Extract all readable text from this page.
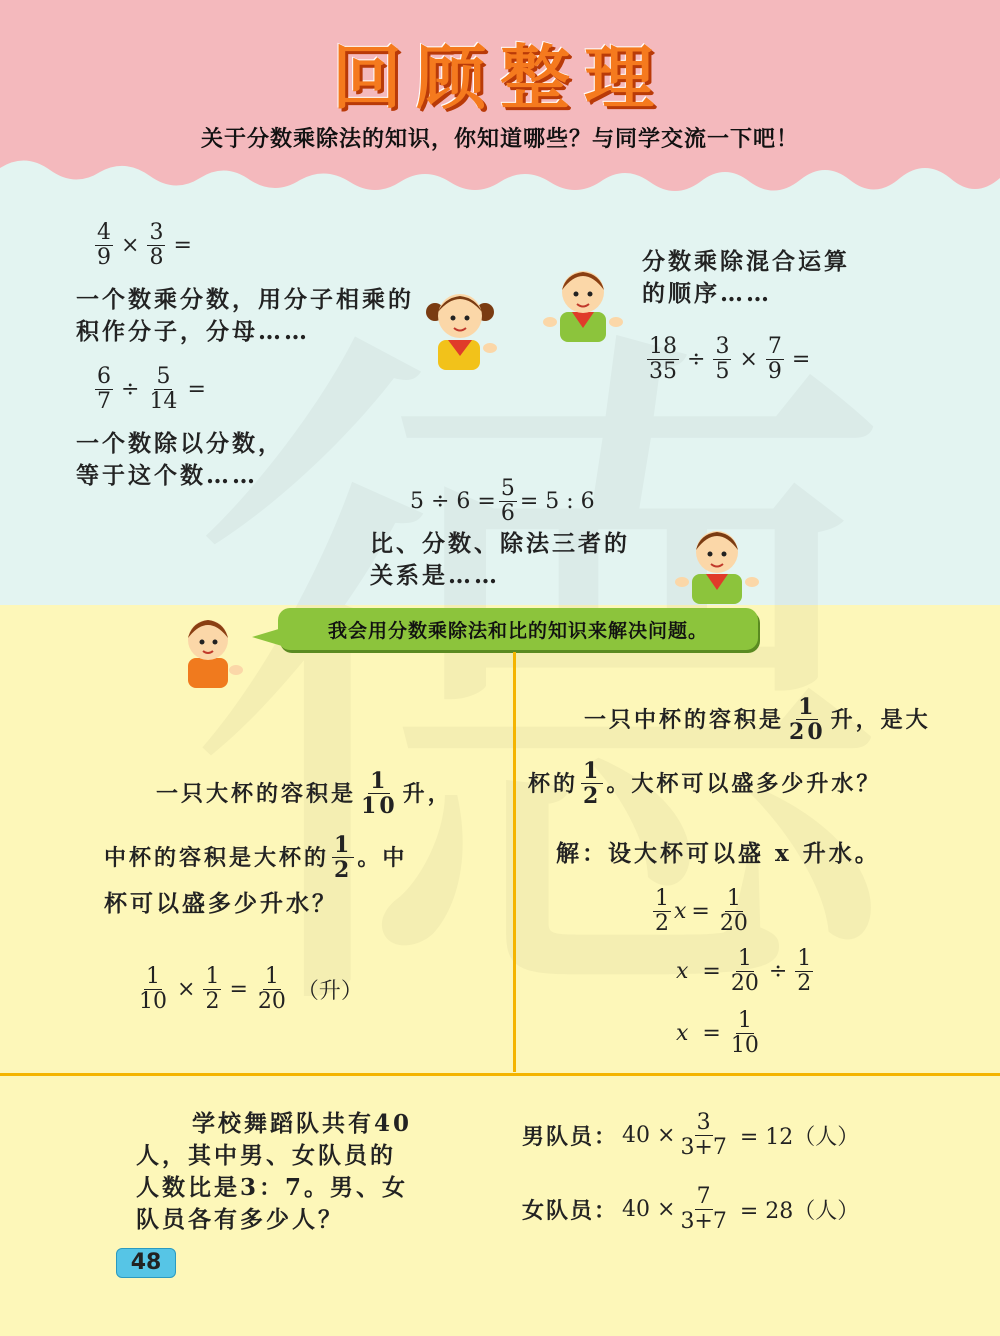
回顾整理
关于分数乘除法的知识，你知道哪些？与同学交流一下吧！
$\frac{4}{9} \times \frac{3}{8}$ =
一个数乘分数，用分子相乘的积作分子，分母……
$\frac{6}{7} \div \frac{5}{14}$ =
一个数除以分数，
等于这个数……
分数乘除混合运算
的顺序……
$\frac{18}{35} \div \frac{3}{5} \times \frac{7}{9}$ =
$5 \div 6 = \frac{5}{6} = 5$ : 6
比、分数、除法三者的
关系是……
我会用分数乘除法和比的知识来解决问题。
一只大杯的容积是 $\frac{1}{10}$ 升，
中杯的容积是大杯的 $\frac{1}{2}$ 。中
杯可以盛多少升水？
$\frac{1}{10} \times \frac{1}{2} = \frac{1}{20}$ （升）
一只中杯的容积是 $\frac{1}{20}$ 升，是大
杯的 $\frac{1}{2}$ 。大杯可以盛多少升水？
解：设大杯可以盛 x 升水。
$\frac{1}{2}$ $x = \frac{1}{20}$
$x = \frac{1}{20} \div \frac{1}{2}$
$x = \frac{1}{10}$
学校舞蹈队共有40
人，其中男、女队员的
人数比是3：7。男、女
队员各有多少人？
男队员： $40 \times \frac{3}{3+7} = 12$（人）
女队员： $40 \times \frac{7}{3+7} = 28$（人）
48
